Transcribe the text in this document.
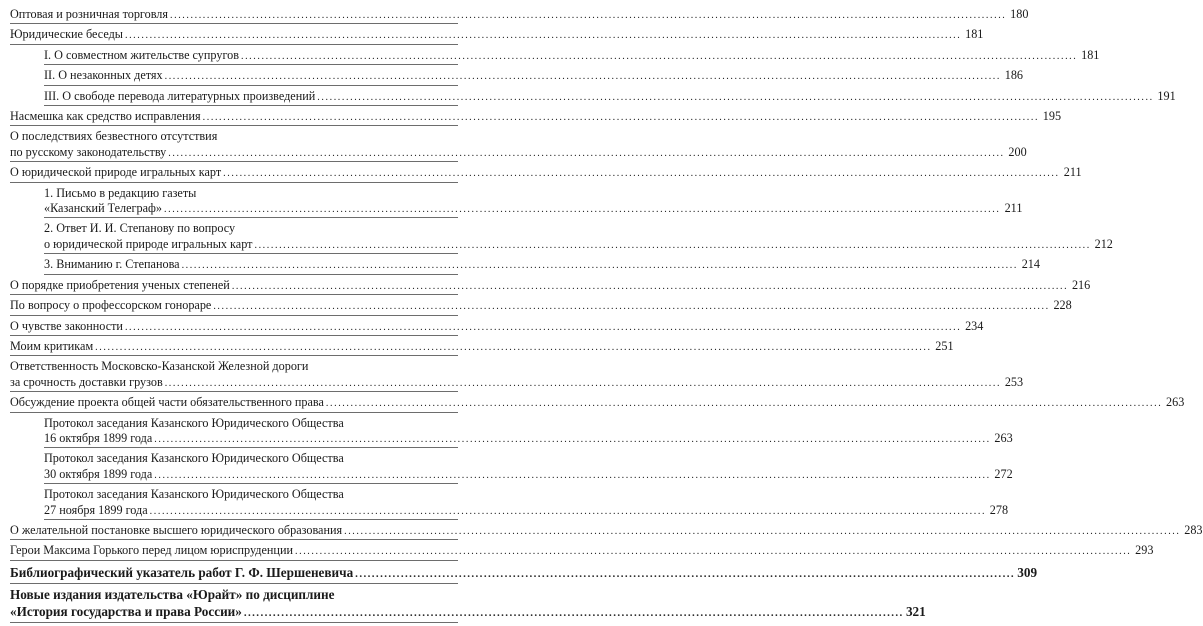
Оптовая и розничная торговля .....	180
Юридические беседы .....	181
I. О совместном жительстве супругов .....	181
II. О незаконных детях .....	186
III. О свободе перевода литературных произведений .....	191
Насмешка как средство исправления .....	195
О последствиях безвестного отсутствия
по русскому законодательству .....	200
О юридической природе игральных карт .....	211
1. Письмо в редакцию газеты
«Казанский Телеграф» .....	211
2. Ответ И. И. Степанову по вопросу
о юридической природе игральных карт .....	212
3. Вниманию г. Степанова .....	214
О порядке приобретения ученых степеней .....	216
По вопросу о профессорском гонораре .....	228
О чувстве законности .....	234
Моим критикам .....	251
Ответственность Московско-Казанской Железной дороги
за срочность доставки грузов .....	253
Обсуждение проекта общей части обязательственного права .....	263
Протокол заседания Казанского Юридического Общества
16 октября 1899 года .....	263
Протокол заседания Казанского Юридического Общества
30 октября 1899 года .....	272
Протокол заседания Казанского Юридического Общества
27 ноября 1899 года .....	278
О желательной постановке высшего юридического образования .....	283
Герои Максима Горького перед лицом юриспруденции .....	293
Библиографический указатель работ Г. Ф. Шершеневича .....	309
Новые издания издательства «Юрайт» по дисциплине
«История государства и права России» .....	321
